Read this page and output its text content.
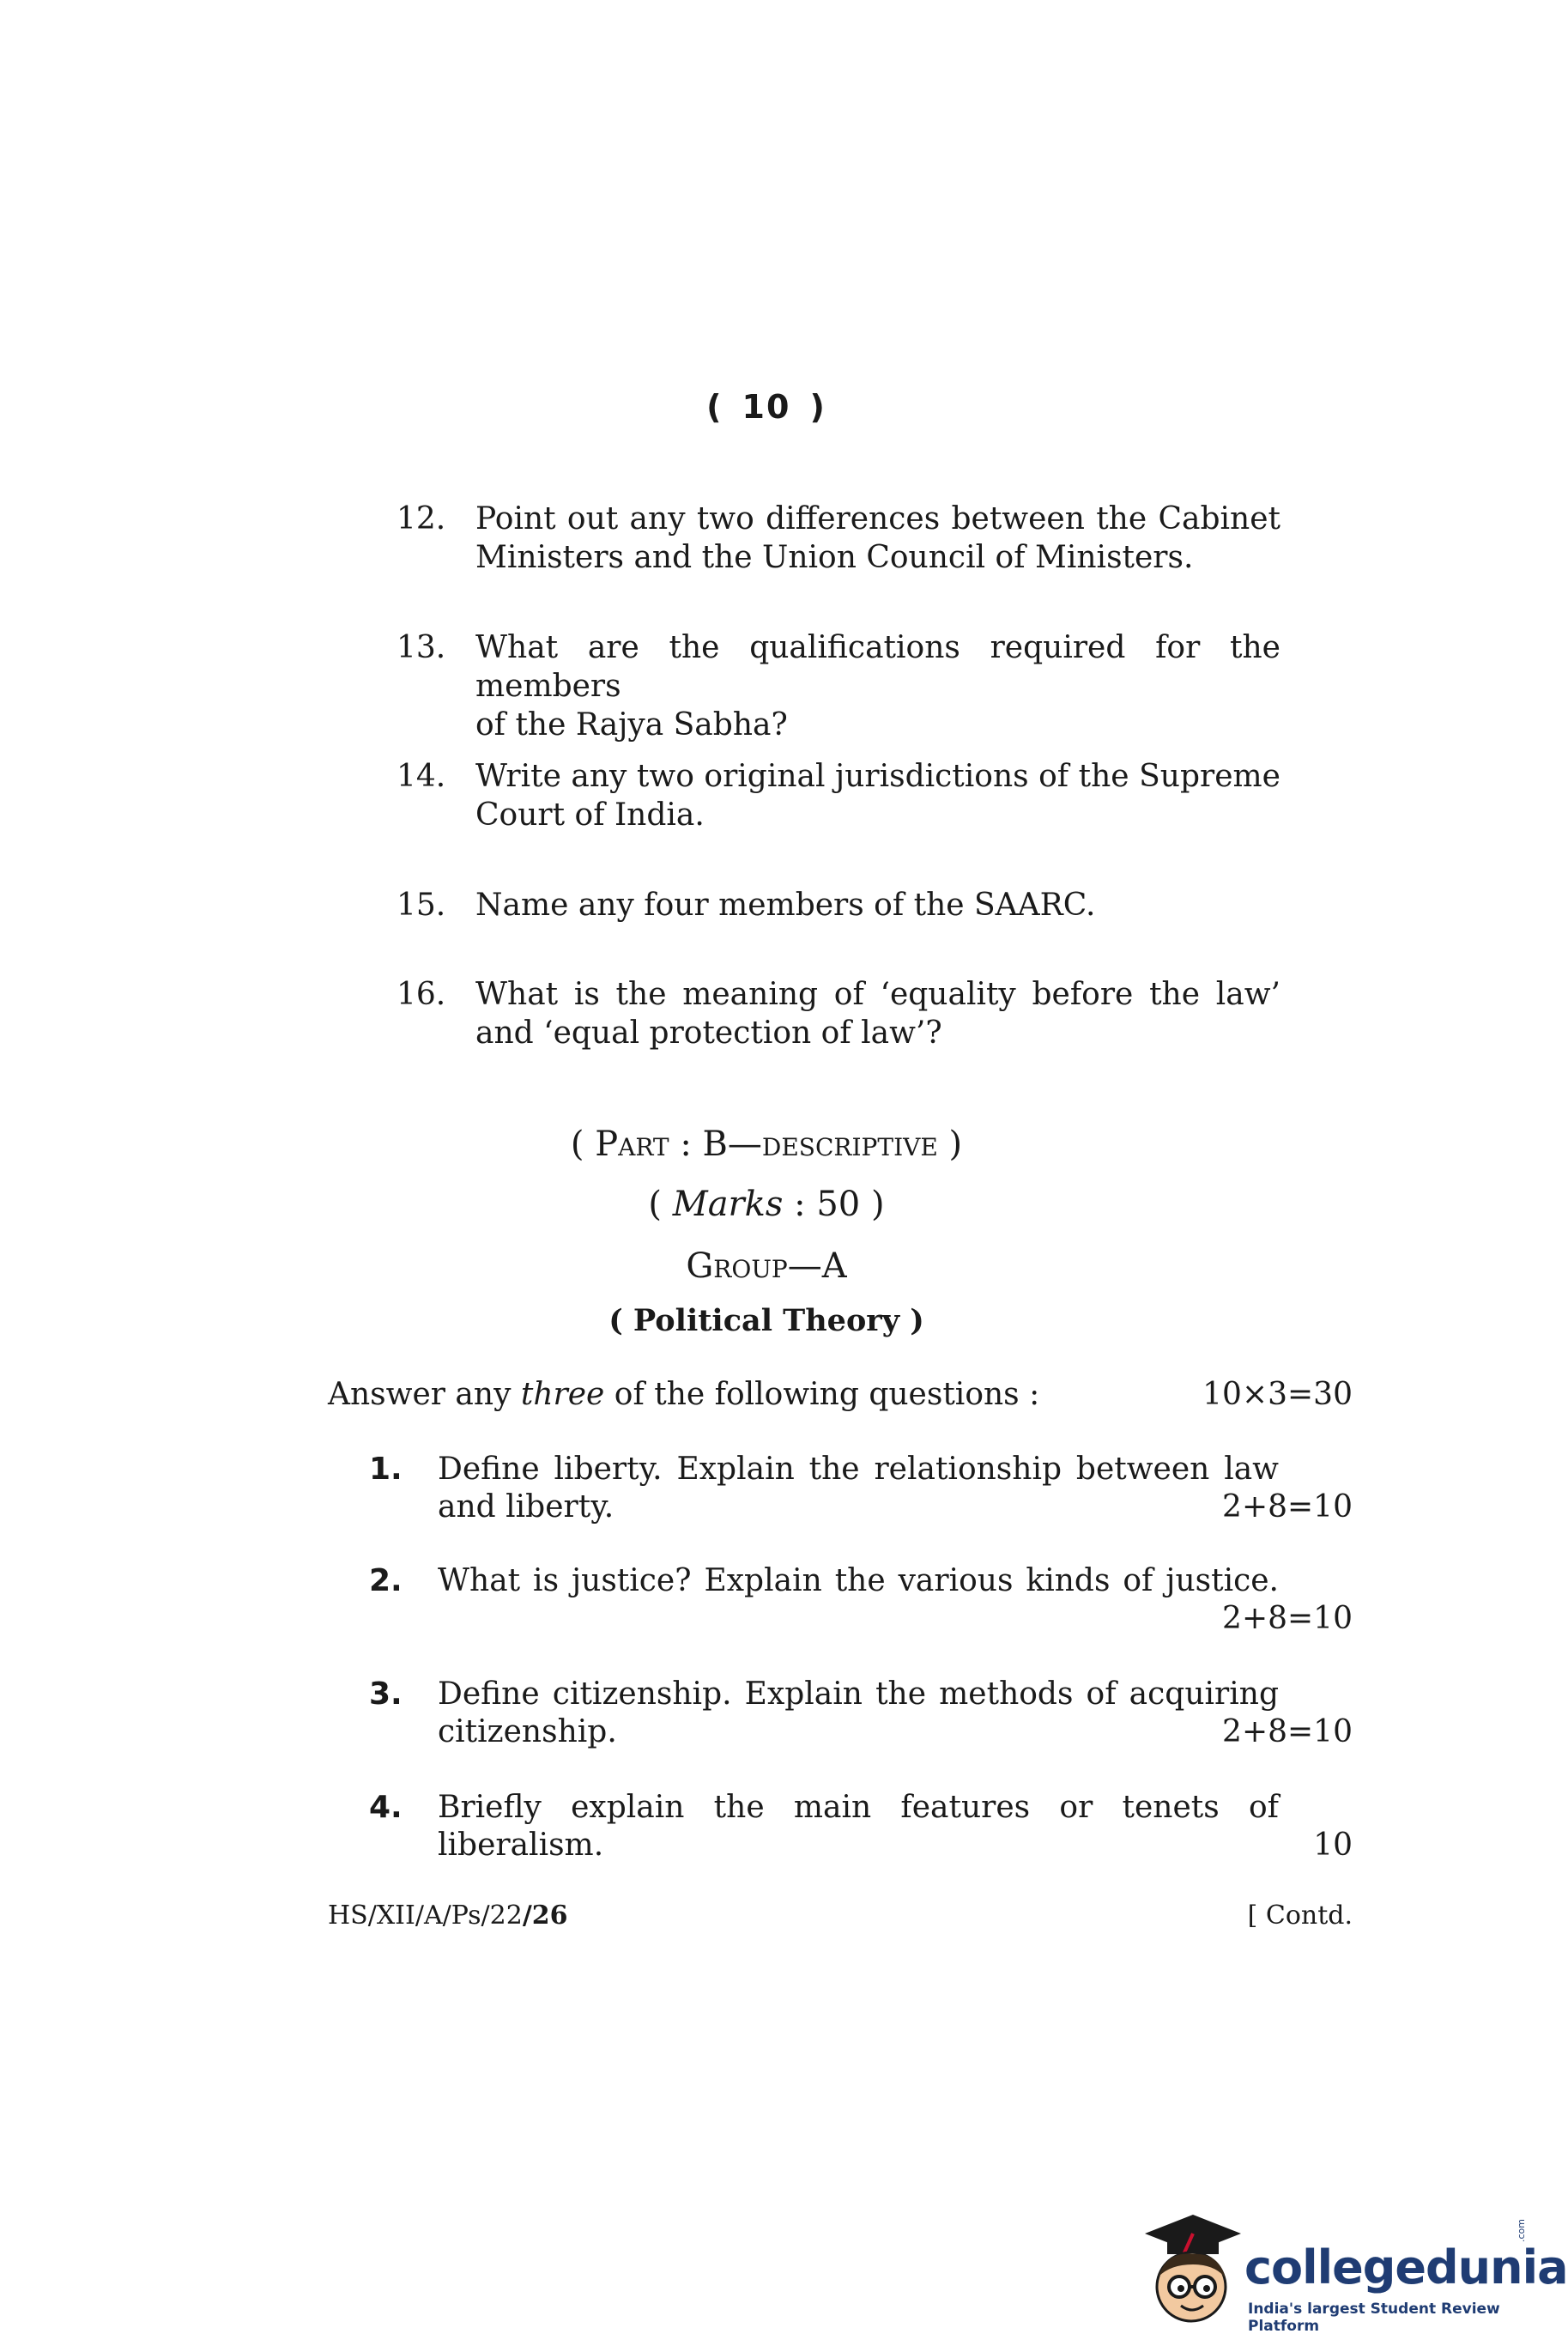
( 10 )
12. Point out any two differences between the Cabinet
Ministers and the Union Council of Ministers.
13. What are the qualifications required for the members
of the Rajya Sabha?
14. Write any two original jurisdictions of the Supreme
Court of India.
15. Name any four members of the SAARC.
16. What is the meaning of ‘equality before the law’
and ‘equal protection of law’?
( Part : B—descriptive )
( Marks : 50 )
Group—A
( Political Theory )
Answer any three of the following questions :	10×3=30
1.	Define liberty. Explain the relationship between law
and liberty.	2+8=10
2.	What is justice? Explain the various kinds of justice.
2+8=10
3.	Define citizenship. Explain the methods of acquiring
citizenship.	2+8=10
4.	Briefly explain the main features or tenets of
liberalism.	10
HS/XII/A/Ps/22/26	[ Contd.
collegedunia
.com
India's largest Student Review Platform
